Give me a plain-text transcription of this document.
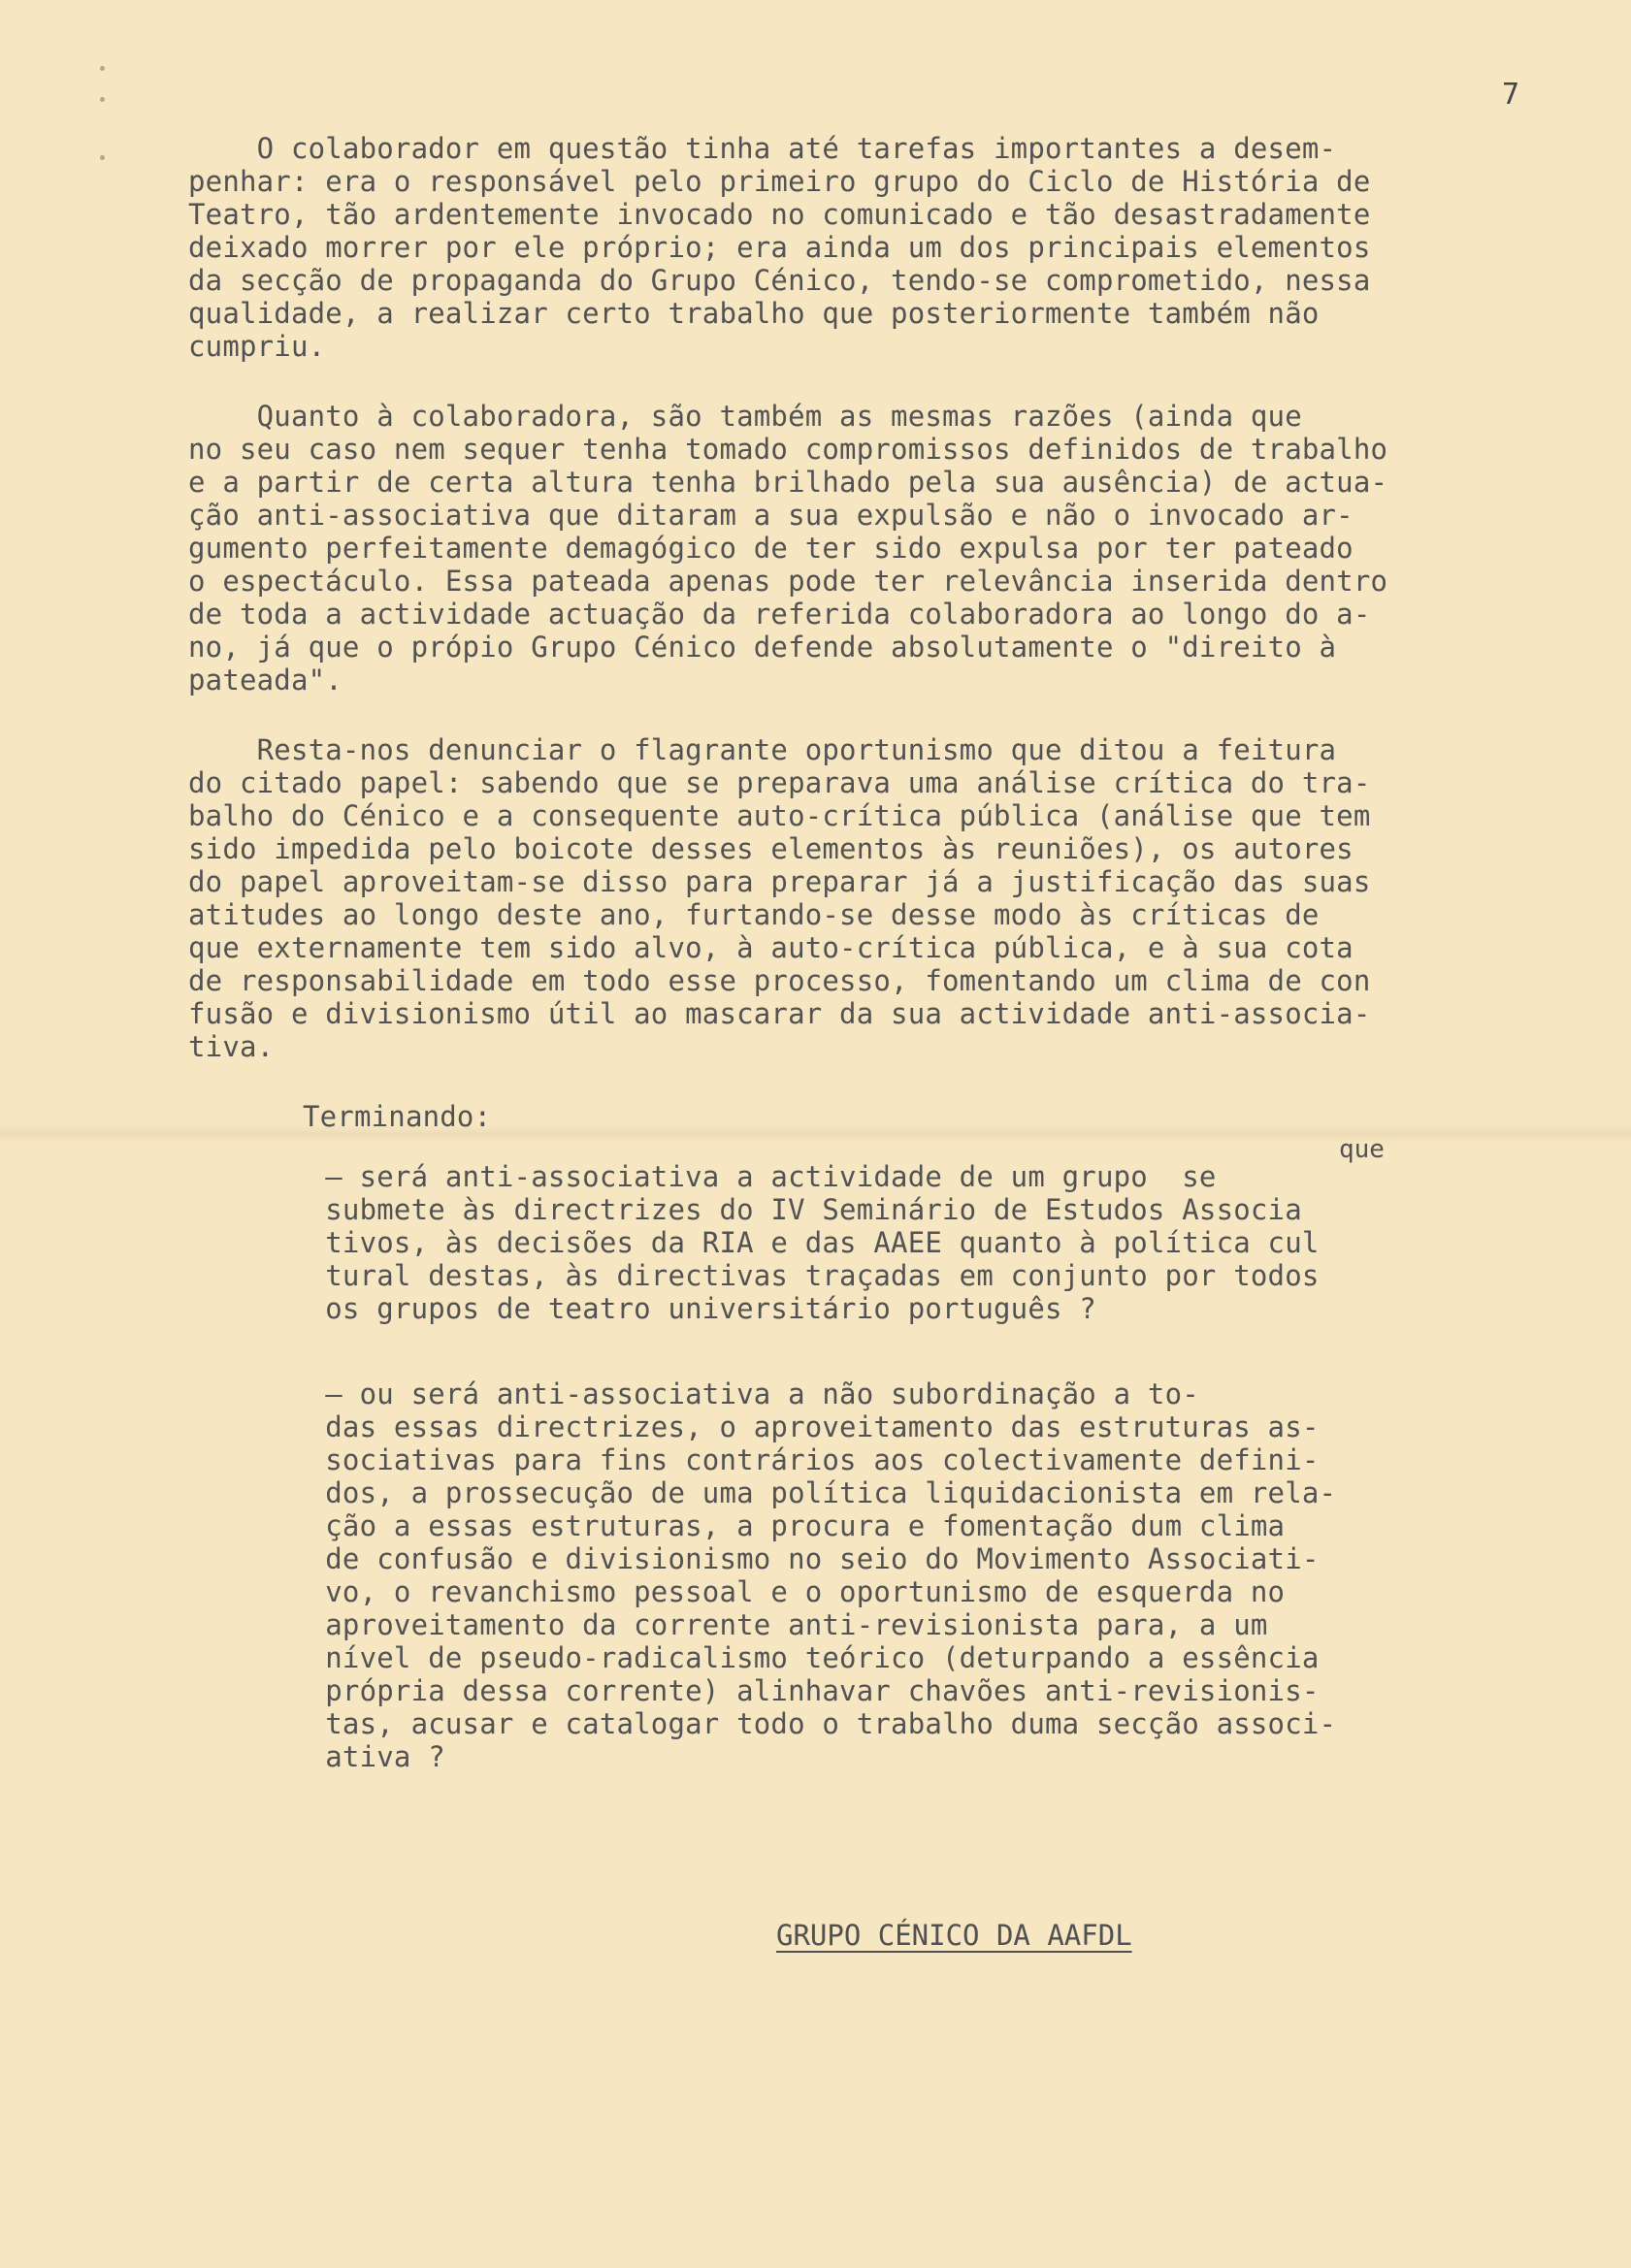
7
O colaborador em questão tinha até tarefas importantes a desem-
penhar: era o responsável pelo primeiro grupo do Ciclo de História de
Teatro, tão ardentemente invocado no comunicado e tão desastradamente
deixado morrer por ele próprio; era ainda um dos principais elementos
da secção de propaganda do Grupo Cénico, tendo-se comprometido, nessa
qualidade, a realizar certo trabalho que posteriormente também não
cumpriu.
Quanto à colaboradora, são também as mesmas razões (ainda que
no seu caso nem sequer tenha tomado compromissos definidos de trabalho
e a partir de certa altura tenha brilhado pela sua ausência) de actua-
ção anti-associativa que ditaram a sua expulsão e não o invocado ar-
gumento perfeitamente demagógico de ter sido expulsa por ter pateado
o espectáculo. Essa pateada apenas pode ter relevância inserida dentro
de toda a actividade actuação da referida colaboradora ao longo do a-
no, já que o própio Grupo Cénico defende absolutamente o "direito à
pateada".
Resta-nos denunciar o flagrante oportunismo que ditou a feitura
do citado papel: sabendo que se preparava uma análise crítica do tra-
balho do Cénico e a consequente auto-crítica pública (análise que tem
sido impedida pelo boicote desses elementos às reuniões), os autores
do papel aproveitam-se disso para preparar já a justificação das suas
atitudes ao longo deste ano, furtando-se desse modo às críticas de
que externamente tem sido alvo, à auto-crítica pública, e à sua cota
de responsabilidade em todo esse processo, fomentando um clima de con
fusão e divisionismo útil ao mascarar da sua actividade anti-associa-
tiva.
Terminando:
que
— será anti-associativa a actividade de um grupo  se
submete às directrizes do IV Seminário de Estudos Associa
tivos, às decisões da RIA e das AAEE quanto à política cul
tural destas, às directivas traçadas em conjunto por todos
os grupos de teatro universitário português ?
— ou será anti-associativa a não subordinação a to-
das essas directrizes, o aproveitamento das estruturas as-
sociativas para fins contrários aos colectivamente defini-
dos, a prossecução de uma política liquidacionista em rela-
ção a essas estruturas, a procura e fomentação dum clima
de confusão e divisionismo no seio do Movimento Associati-
vo, o revanchismo pessoal e o oportunismo de esquerda no
aproveitamento da corrente anti-revisionista para, a um
nível de pseudo-radicalismo teórico (deturpando a essência
própria dessa corrente) alinhavar chavões anti-revisionis-
tas, acusar e catalogar todo o trabalho duma secção associ-
ativa ?
GRUPO CÉNICO DA AAFDL
